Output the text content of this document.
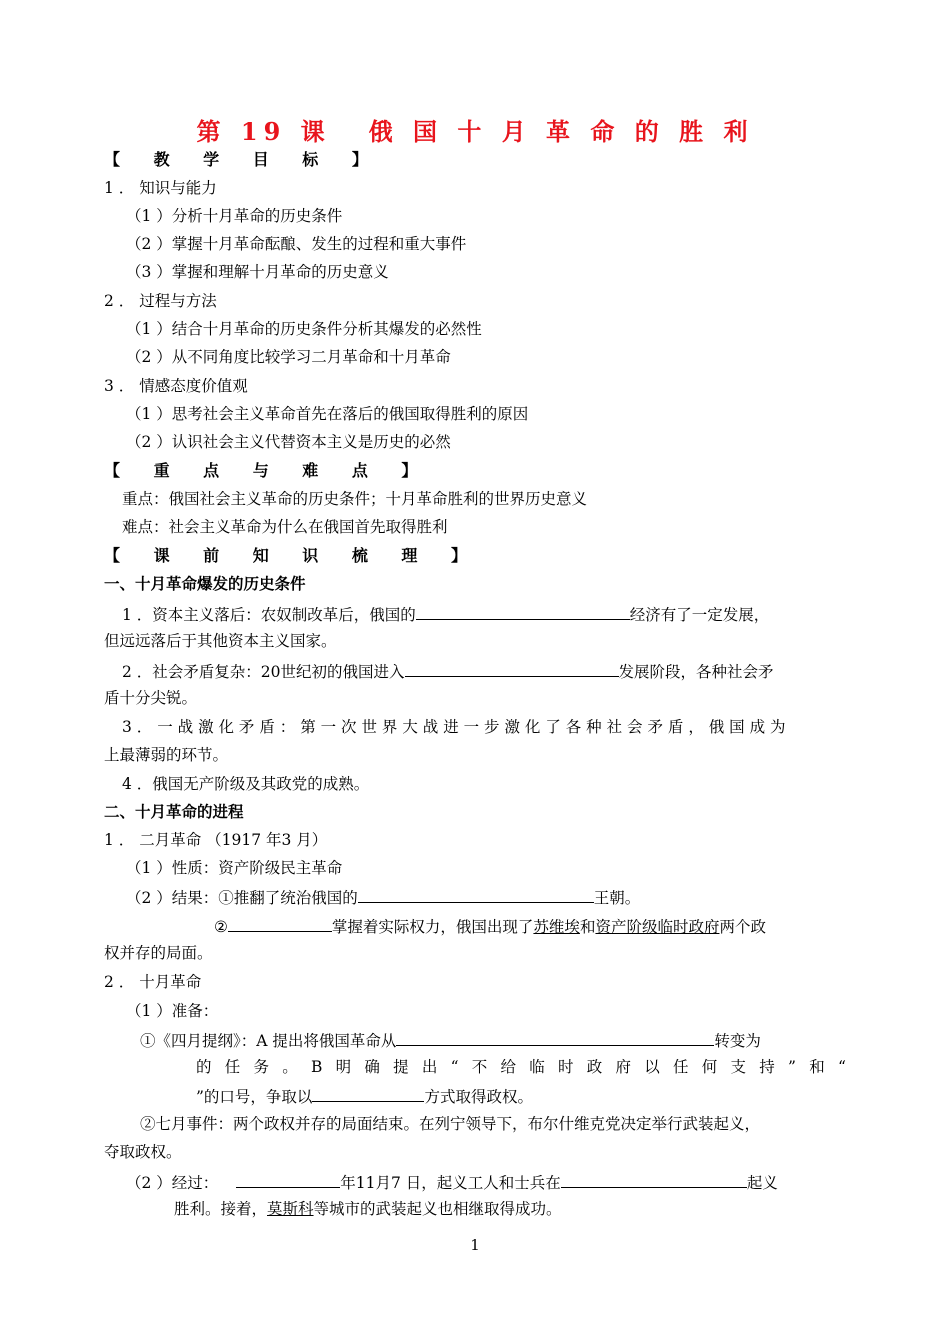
第 19 课 俄 国 十 月 革 命 的 胜 利
【 教 学 目 标 】
1 ． 知识与能力
（1 ）分析十月革命的历史条件
（2 ）掌握十月革命酝酿、发生的过程和重大事件
（3 ）掌握和理解十月革命的历史意义
2 ． 过程与方法
（1 ）结合十月革命的历史条件分析其爆发的必然性
（2 ）从不同角度比较学习二月革命和十月革命
3 ． 情感态度价值观
（1 ）思考社会主义革命首先在落后的俄国取得胜利的原因
（2 ）认识社会主义代替资本主义是历史的必然
【 重 点 与 难 点 】
重点：俄国社会主义革命的历史条件；十月革命胜利的世界历史意义
难点：社会主义革命为什么在俄国首先取得胜利
【 课 前 知 识 梳 理 】
一、十月革命爆发的历史条件
1 ．资本主义落后：农奴制改革后，俄国的	经济有了一定发展，
但远远落后于其他资本主义国家。
2 ．社会矛盾复杂：20世纪初的俄国进入	发展阶段，各种社会矛
盾十分尖锐。
3 ． 一 战 激 化 矛 盾 ： 第 一 次 世 界 大 战 进 一 步 激 化 了 各 种 社 会 矛 盾 ， 俄 国 成 为
上最薄弱的环节。
4 ．俄国无产阶级及其政党的成熟。
二、十月革命的进程
1 ． 二月革命 （1917 年3 月）
（1 ）性质：资产阶级民主革命
（2 ）结果：①推翻了统治俄国的	王朝。
②	掌握着实际权力，俄国出现了苏维埃和资产阶级临时政府两个政
权并存的局面。
2 ． 十月革命
（1 ）准备：
①《四月提纲》：A 提出将俄国革命从	转变为
的 任 务 。 B 明 确 提 出 “ 不 给 临 时 政 府 以 任 何 支 持 ” 和 “
”的口号，争取以	方式取得政权。
②七月事件：两个政权并存的局面结束。在列宁领导下，布尔什维克党决定举行武装起义，
夺取政权。
（2 ）经过：	年11月7 日，起义工人和士兵在	起义
胜利。接着，莫斯科等城市的武装起义也相继取得成功。
1
